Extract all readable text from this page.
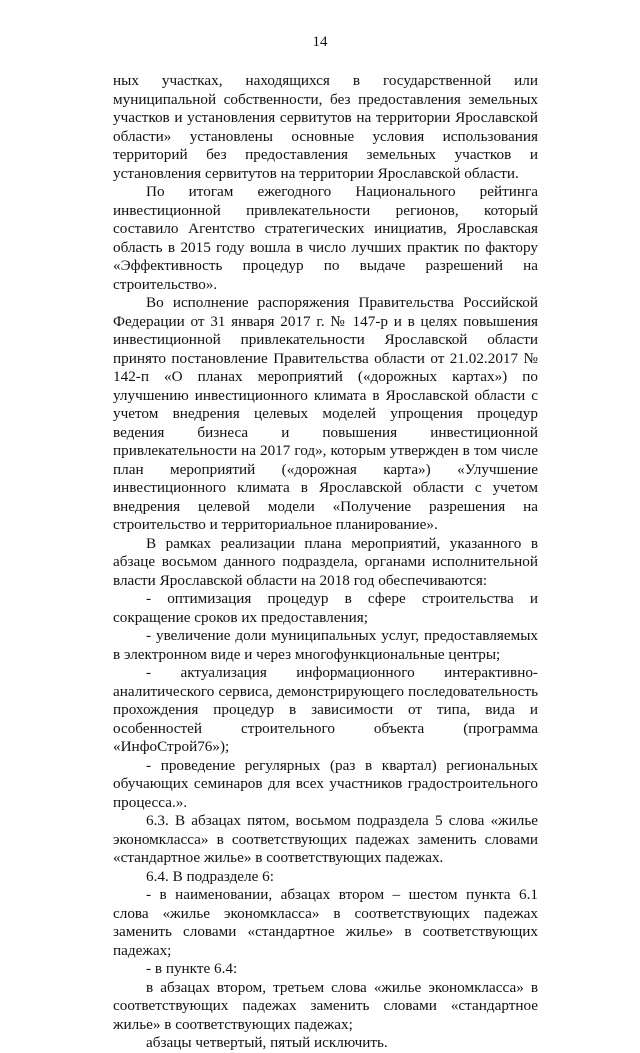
14

ных участках, находящихся в государственной или муниципальной собственности, без предоставления земельных участков и установления сервитутов на территории Ярославской области» установлены основные условия использования территорий без предоставления земельных участков и установления сервитутов на территории Ярославской области.

По итогам ежегодного Национального рейтинга инвестиционной привлекательности регионов, который составило Агентство стратегических инициатив, Ярославская область в 2015 году вошла в число лучших практик по фактору «Эффективность процедур по выдаче разрешений на строительство».

Во исполнение распоряжения Правительства Российской Федерации от 31 января 2017 г. № 147-р и в целях повышения инвестиционной привлекательности Ярославской области принято постановление Правительства области от 21.02.2017 № 142-п «О планах мероприятий («дорожных картах») по улучшению инвестиционного климата в Ярославской области с учетом внедрения целевых моделей упрощения процедур ведения бизнеса и повышения инвестиционной привлекательности на 2017 год», которым утвержден в том числе план мероприятий («дорожная карта») «Улучшение инвестиционного климата в Ярославской области с учетом внедрения целевой модели «Получение разрешения на строительство и территориальное планирование».

В рамках реализации плана мероприятий, указанного в абзаце восьмом данного подраздела, органами исполнительной власти Ярославской области на 2018 год обеспечиваются:

- оптимизация процедур в сфере строительства и сокращение сроков их предоставления;

- увеличение доли муниципальных услуг, предоставляемых в электронном виде и через многофункциональные центры;

- актуализация информационного интерактивно-аналитического сервиса, демонстрирующего последовательность прохождения процедур в зависимости от типа, вида и особенностей строительного объекта (программа «ИнфоСтрой76»);

- проведение регулярных (раз в квартал) региональных обучающих семинаров для всех участников градостроительного процесса.».

6.3. В абзацах пятом, восьмом подраздела 5 слова «жилье экономкласса» в соответствующих падежах заменить словами «стандартное жилье» в соответствующих падежах.

6.4. В подразделе 6:

- в наименовании, абзацах втором – шестом пункта 6.1 слова «жилье экономкласса» в соответствующих падежах заменить словами «стандартное жилье» в соответствующих падежах;

- в пункте 6.4:

в абзацах втором, третьем слова «жилье экономкласса» в соответствующих падежах заменить словами «стандартное жилье» в соответствующих падежах;

абзацы четвертый, пятый исключить.
